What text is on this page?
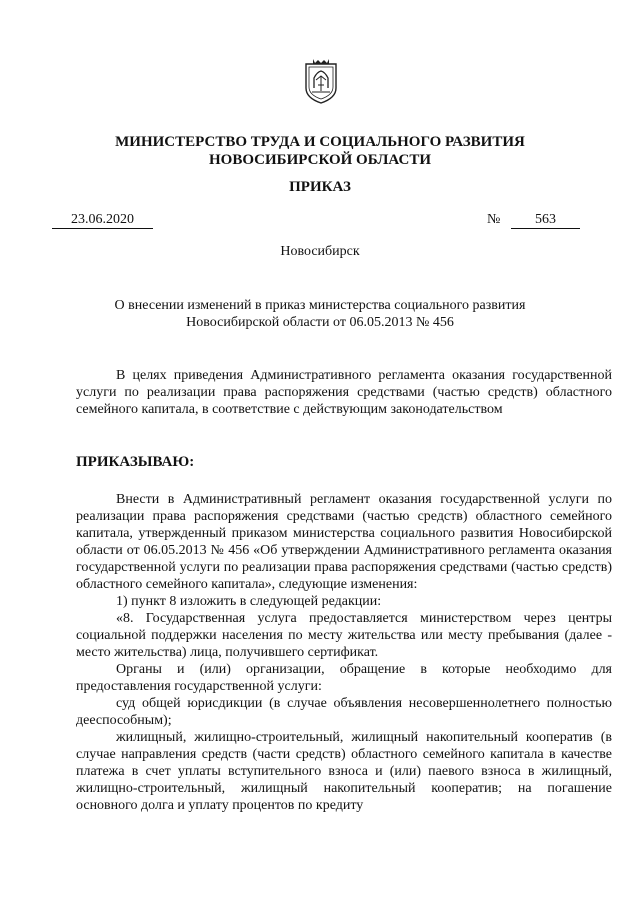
МИНИСТЕРСТВО ТРУДА И СОЦИАЛЬНОГО РАЗВИТИЯ
НОВОСИБИРСКОЙ ОБЛАСТИ
ПРИКАЗ
23.06.2020	№	563
Новосибирск
О внесении изменений в приказ министерства социального развития
Новосибирской области от 06.05.2013 № 456

В целях приведения Административного регламента оказания государственной услуги по реализации права распоряжения средствами (частью средств) областного семейного капитала, в соответствие с действующим законодательством

ПРИКАЗЫВАЮ:

Внести в Административный регламент оказания государственной услуги по реализации права распоряжения средствами (частью средств) областного семейного капитала, утвержденный приказом министерства социального развития Новосибирской области от 06.05.2013 № 456 «Об утверждении Административного регламента оказания государственной услуги по реализации права распоряжения средствами (частью средств) областного семейного капитала», следующие изменения:

1) пункт 8 изложить в следующей редакции:

«8. Государственная услуга предоставляется министерством через центры социальной поддержки населения по месту жительства или месту пребывания (далее - место жительства) лица, получившего сертификат.

Органы и (или) организации, обращение в которые необходимо для предоставления государственной услуги:

суд общей юрисдикции (в случае объявления несовершеннолетнего полностью дееспособным);

жилищный, жилищно-строительный, жилищный накопительный кооператив (в случае направления средств (части средств) областного семейного капитала в качестве платежа в счет уплаты вступительного взноса и (или) паевого взноса в жилищный, жилищно-строительный, жилищный накопительный кооператив; на погашение основного долга и уплату процентов по кредиту
